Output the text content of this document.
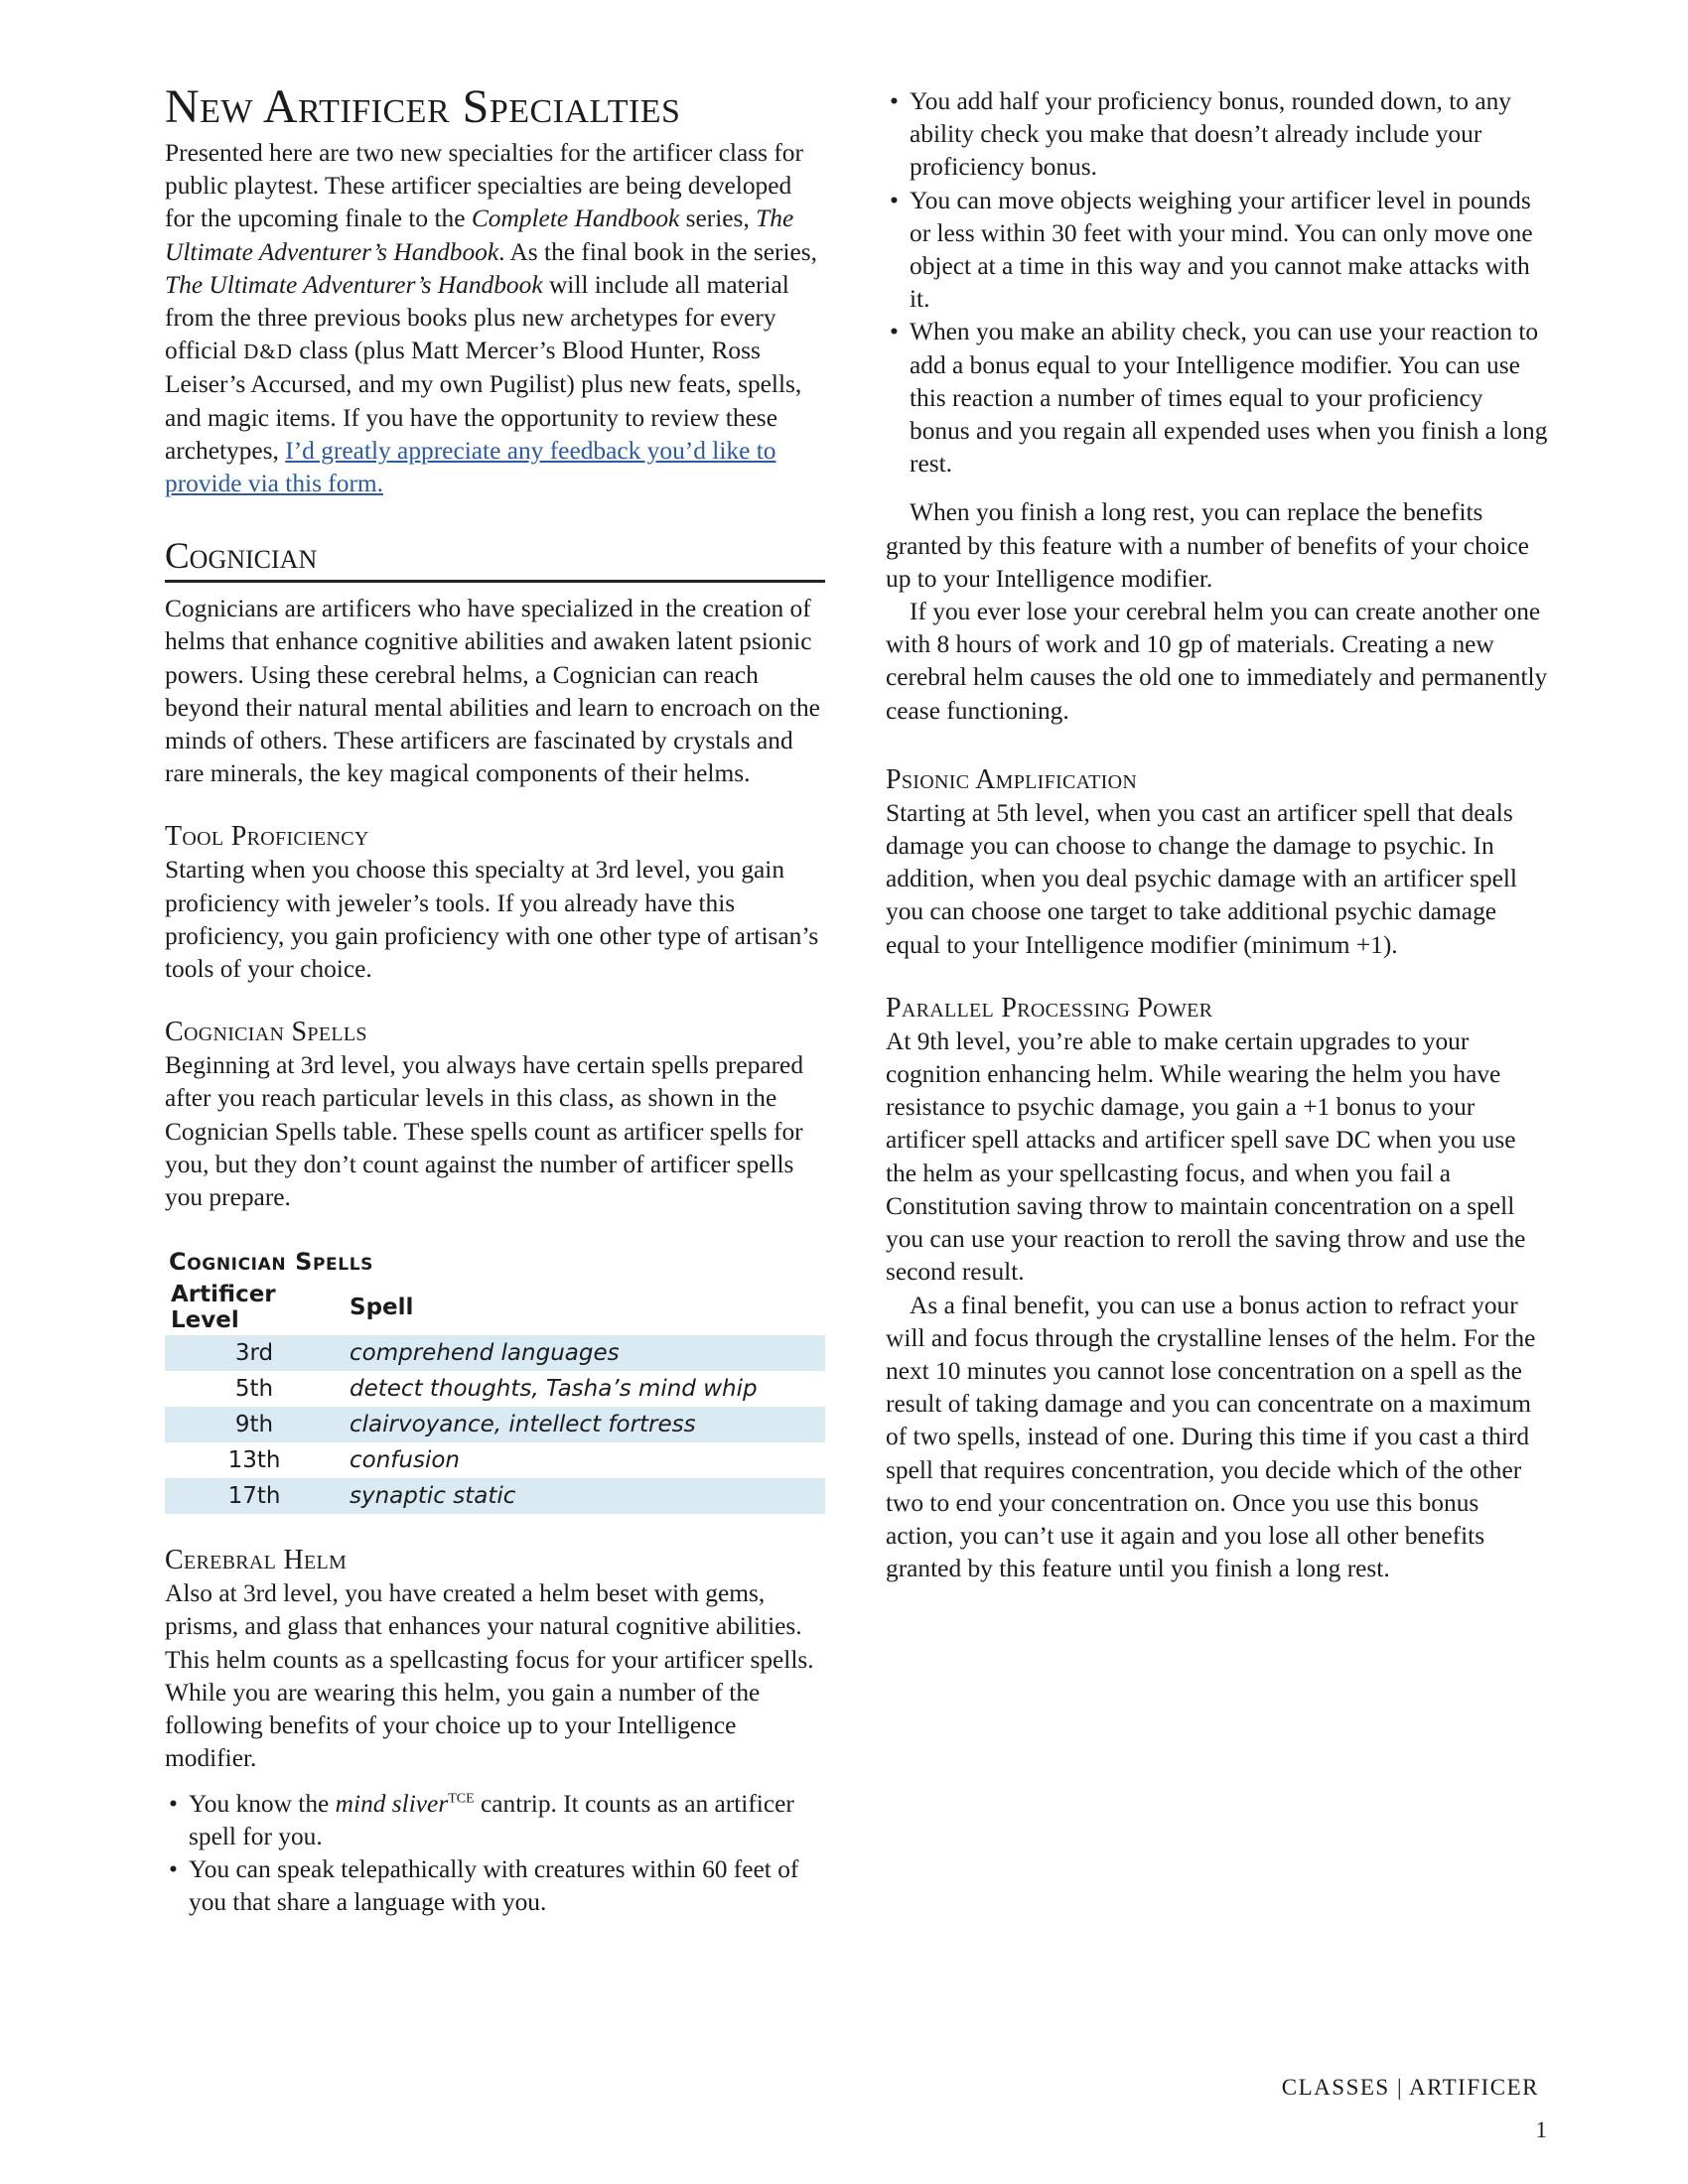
New Artificer Specialties

Presented here are two new specialties for the artificer class for public playtest. These artificer specialties are being developed for the upcoming finale to the Complete Handbook series, The Ultimate Adventurer’s Handbook. As the final book in the series, The Ultimate Adventurer’s Handbook will include all material from the three previous books plus new archetypes for every official D&D class (plus Matt Mercer’s Blood Hunter, Ross Leiser’s Accursed, and my own Pugilist) plus new feats, spells, and magic items. If you have the opportunity to review these archetypes, I’d greatly appreciate any feedback you’d like to provide via this form.

Cognician

Cognicians are artificers who have specialized in the creation of helms that enhance cognitive abilities and awaken latent psionic powers. Using these cerebral helms, a Cognician can reach beyond their natural mental abilities and learn to encroach on the minds of others. These artificers are fascinated by crystals and rare minerals, the key magical components of their helms.

Tool Proficiency

Starting when you choose this specialty at 3rd level, you gain proficiency with jeweler’s tools. If you already have this proficiency, you gain proficiency with one other type of artisan’s tools of your choice.

Cognician Spells

Beginning at 3rd level, you always have certain spells prepared after you reach particular levels in this class, as shown in the Cognician Spells table. These spells count as artificer spells for you, but they don’t count against the number of artificer spells you prepare.

Cognician Spells
Artificer Level	Spell
3rd	comprehend languages
5th	detect thoughts, Tasha’s mind whip
9th	clairvoyance, intellect fortress
13th	confusion
17th	synaptic static
Cerebral Helm

Also at 3rd level, you have created a helm beset with gems, prisms, and glass that enhances your natural cognitive abilities. This helm counts as a spellcasting focus for your artificer spells. While you are wearing this helm, you gain a number of the following benefits of your choice up to your Intelligence modifier.

• You know the mind sliver$^{TCE}$ cantrip. It counts as an artificer spell for you.
• You can speak telepathically with creatures within 60 feet of you that share a language with you.
• You add half your proficiency bonus, rounded down, to any ability check you make that doesn’t already include your proficiency bonus.
• You can move objects weighing your artificer level in pounds or less within 30 feet with your mind. You can only move one object at a time in this way and you cannot make attacks with it.
• When you make an ability check, you can use your reaction to add a bonus equal to your Intelligence modifier. You can use this reaction a number of times equal to your proficiency bonus and you regain all expended uses when you finish a long rest.

When you finish a long rest, you can replace the benefits granted by this feature with a number of benefits of your choice up to your Intelligence modifier.

If you ever lose your cerebral helm you can create another one with 8 hours of work and 10 gp of materials. Creating a new cerebral helm causes the old one to immediately and permanently cease functioning.

Psionic Amplification

Starting at 5th level, when you cast an artificer spell that deals damage you can choose to change the damage to psychic. In addition, when you deal psychic damage with an artificer spell you can choose one target to take additional psychic damage equal to your Intelligence modifier (minimum +1).

Parallel Processing Power

At 9th level, you’re able to make certain upgrades to your cognition enhancing helm. While wearing the helm you have resistance to psychic damage, you gain a +1 bonus to your artificer spell attacks and artificer spell save DC when you use the helm as your spellcasting focus, and when you fail a Constitution saving throw to maintain concentration on a spell you can use your reaction to reroll the saving throw and use the second result.

As a final benefit, you can use a bonus action to refract your will and focus through the crystalline lenses of the helm. For the next 10 minutes you cannot lose concentration on a spell as the result of taking damage and you can concentrate on a maximum of two spells, instead of one. During this time if you cast a third spell that requires concentration, you decide which of the other two to end your concentration on. Once you use this bonus action, you can’t use it again and you lose all other benefits granted by this feature until you finish a long rest.

CLASSES | ARTIFICER
1
